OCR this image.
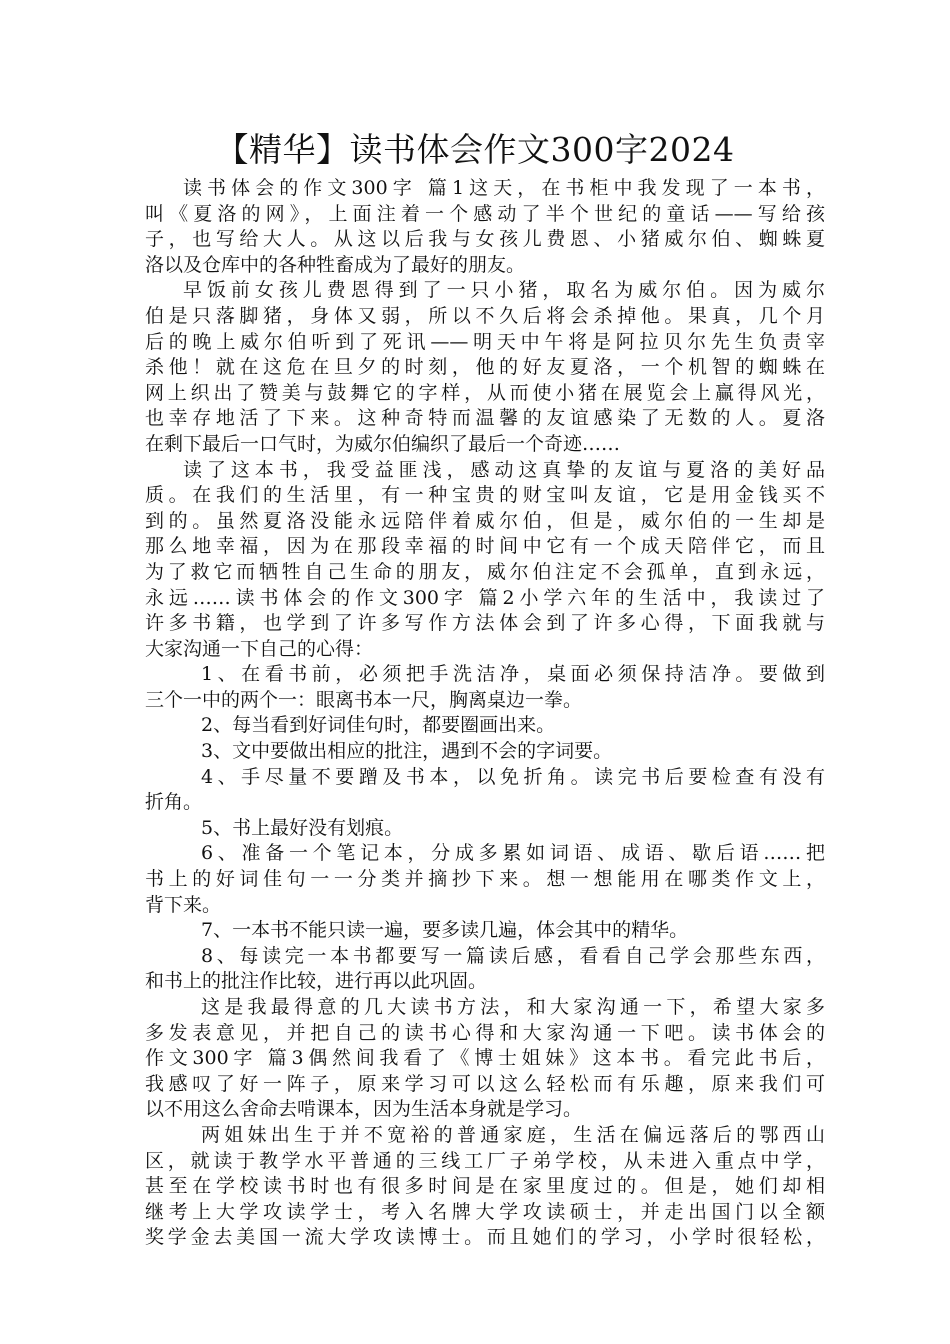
【精华】读书体会作文300字2024
读书体会的作文300字 篇1这天，在书柜中我发现了一本书，
叫《夏洛的网》，上面注着一个感动了半个世纪的童话——写给孩
子，也写给大人。从这以后我与女孩儿费恩、小猪威尔伯、蜘蛛夏
洛以及仓库中的各种牲畜成为了最好的朋友。
早饭前女孩儿费恩得到了一只小猪，取名为威尔伯。因为威尔
伯是只落脚猪，身体又弱，所以不久后将会杀掉他。果真，几个月
后的晚上威尔伯听到了死讯——明天中午将是阿拉贝尔先生负责宰
杀他！就在这危在旦夕的时刻，他的好友夏洛，一个机智的蜘蛛在
网上织出了赞美与鼓舞它的字样，从而使小猪在展览会上赢得风光，
也幸存地活了下来。这种奇特而温馨的友谊感染了无数的人。夏洛
在剩下最后一口气时，为威尔伯编织了最后一个奇迹……
读了这本书，我受益匪浅，感动这真挚的友谊与夏洛的美好品
质。在我们的生活里，有一种宝贵的财宝叫友谊，它是用金钱买不
到的。虽然夏洛没能永远陪伴着威尔伯，但是，威尔伯的一生却是
那么地幸福，因为在那段幸福的时间中它有一个成天陪伴它，而且
为了救它而牺牲自己生命的朋友，威尔伯注定不会孤单，直到永远，
永远……读书体会的作文300字 篇2小学六年的生活中，我读过了
许多书籍，也学到了许多写作方法体会到了许多心得，下面我就与
大家沟通一下自己的心得：
1、在看书前，必须把手洗洁净，桌面必须保持洁净。要做到
三个一中的两个一：眼离书本一尺，胸离桌边一拳。
2、每当看到好词佳句时，都要圈画出来。
3、文中要做出相应的批注，遇到不会的字词要。
4、手尽量不要蹭及书本，以免折角。读完书后要检查有没有
折角。
5、书上最好没有划痕。
6、准备一个笔记本，分成多累如词语、成语、歇后语……把
书上的好词佳句一一分类并摘抄下来。想一想能用在哪类作文上，
背下来。
7、一本书不能只读一遍，要多读几遍，体会其中的精华。
8、每读完一本书都要写一篇读后感，看看自己学会那些东西，
和书上的批注作比较，进行再以此巩固。
这是我最得意的几大读书方法，和大家沟通一下，希望大家多
多发表意见，并把自己的读书心得和大家沟通一下吧。读书体会的
作文300字 篇3偶然间我看了《博士姐妹》这本书。看完此书后，
我感叹了好一阵子，原来学习可以这么轻松而有乐趣，原来我们可
以不用这么舍命去啃课本，因为生活本身就是学习。
两姐妹出生于并不宽裕的普通家庭，生活在偏远落后的鄂西山
区，就读于教学水平普通的三线工厂子弟学校，从未进入重点中学，
甚至在学校读书时也有很多时间是在家里度过的。但是，她们却相
继考上大学攻读学士，考入名牌大学攻读硕士，并走出国门以全额
奖学金去美国一流大学攻读博士。而且她们的学习，小学时很轻松，
